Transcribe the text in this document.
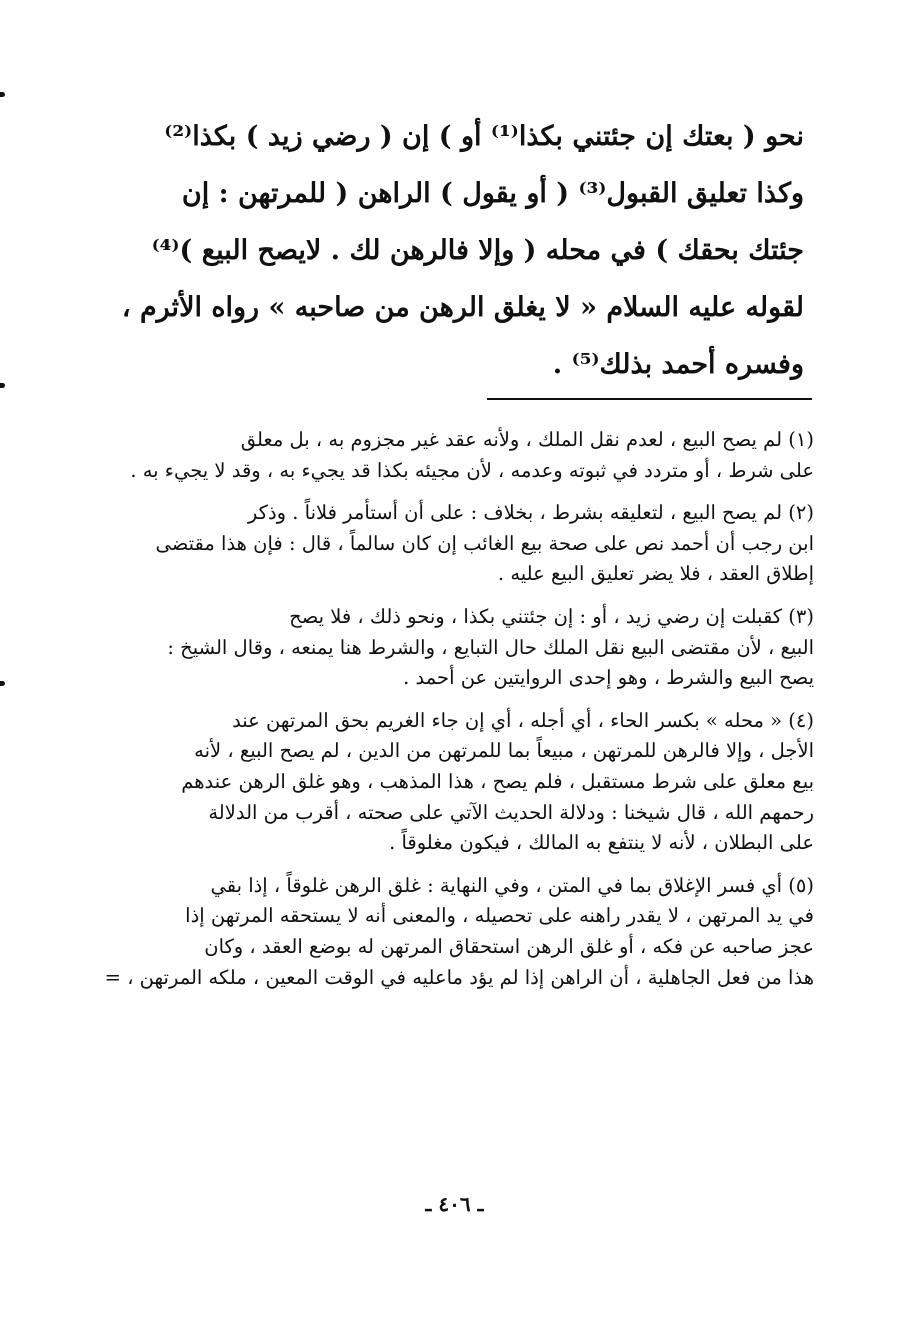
نحو ( بعتك إن جئتني بكذا⁽¹⁾ أو ) إن ( رضي زيد ) بكذا⁽²⁾
وكذا تعليق القبول⁽³⁾ ( أو يقول ) الراهن ( للمرتهن : إن
جئتك بحقك ) في محله ( وإلا فالرهن لك . لايصح البيع )⁽⁴⁾
لقوله عليه السلام « لا يغلق الرهن من صاحبه » رواه الأثرم ،
وفسره أحمد بذلك⁽⁵⁾ .
(١) لم يصح البيع ، لعدم نقل الملك ، ولأنه عقد غير مجزوم به ، بل معلق
على شرط ، أو متردد في ثبوته وعدمه ، لأن مجيئه بكذا قد يجيء به ، وقد لا يجيء به .
(٢) لم يصح البيع ، لتعليقه بشرط ، بخلاف : على أن أستأمر فلاناً . وذكر
ابن رجب أن أحمد نص على صحة بيع الغائب إن كان سالماً ، قال : فإن هذا مقتضى
إطلاق العقد ، فلا يضر تعليق البيع عليه .
(٣) كقبلت إن رضي زيد ، أو : إن جئتني بكذا ، ونحو ذلك ، فلا يصح
البيع ، لأن مقتضى البيع نقل الملك حال التبايع ، والشرط هنا يمنعه ، وقال الشيخ :
يصح البيع والشرط ، وهو إحدى الروايتين عن أحمد .
(٤) « محله » بكسر الحاء ، أي أجله ، أي إن جاء الغريم بحق المرتهن عند
الأجل ، وإلا فالرهن للمرتهن ، مبيعاً بما للمرتهن من الدين ، لم يصح البيع ، لأنه
بيع معلق على شرط مستقبل ، فلم يصح ، هذا المذهب ، وهو غلق الرهن عندهم
رحمهم الله ، قال شيخنا : ودلالة الحديث الآتي على صحته ، أقرب من الدلالة
على البطلان ، لأنه لا ينتفع به المالك ، فيكون مغلوقاً .
(٥) أي فسر الإغلاق بما في المتن ، وفي النهاية : غلق الرهن غلوقاً ، إذا بقي
في يد المرتهن ، لا يقدر راهنه على تحصيله ، والمعنى أنه لا يستحقه المرتهن إذا
عجز صاحبه عن فكه ، أو غلق الرهن استحقاق المرتهن له بوضع العقد ، وكان
هذا من فعل الجاهلية ، أن الراهن إذا لم يؤد ماعليه في الوقت المعين ، ملكه المرتهن ، =
ـ ٤٠٦ ـ
